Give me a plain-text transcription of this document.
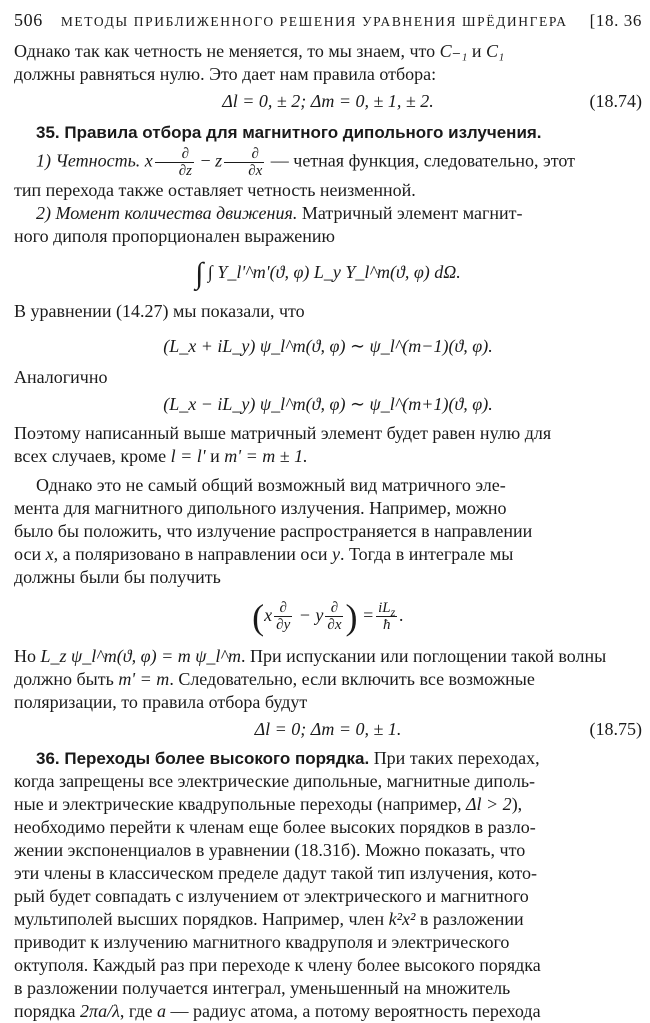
506 МЕТОДЫ ПРИБЛИЖЕННОГО РЕШЕНИЯ УРАВНЕНИЯ ШРЁДИНГЕРА	[18. 36

Однако так как четность не меняется, то мы знаем, что C₋₁ и C₁
должны равняться нулю. Это дает нам правила отбора:

Δl = 0, ± 2; Δm = 0, ± 1, ± 2.	(18.74)

35. Правила отбора для магнитного дипольного излучения.

1) Четность. x $\frac{\partial}{\partial z} - z \frac{\partial}{\partial x}$ — четная функция, следовательно, этот

тип перехода также оставляет четность неизменной.

2) Момент количества движения. Матричный элемент магнит-

ного диполя пропорционален выражению

∫ ∫ Y_l'^m'(ϑ, φ) L_y Y_l^m(ϑ, φ) dΩ.

В уравнении (14.27) мы показали, что

(L_x + iL_y) ψ_l^m(ϑ, φ) ∼ ψ_l^(m−1)(ϑ, φ).

Аналогично

(L_x − iL_y) ψ_l^m(ϑ, φ) ∼ ψ_l^(m+1)(ϑ, φ).

Поэтому написанный выше матричный элемент будет равен нулю для

всех случаев, кроме l = l' и m' = m ± 1.

Однако это не самый общий возможный вид матричного эле-

мента для магнитного дипольного излучения. Например, можно

было бы положить, что излучение распространяется в направлении

оси x, а поляризовано в направлении оси y. Тогда в интеграле мы

должны были бы получить

($x \frac{\partial}{\partial y} - y \frac{\partial}{\partial x}$ ) = $\frac{iL_z}{ħ}$ .

Но L_z ψ_l^m(ϑ, φ) = m ψ_l^m. При испускании или поглощении такой волны

должно быть m' = m. Следовательно, если включить все возможные

поляризации, то правила отбора будут

Δl = 0; Δm = 0, ± 1.	(18.75)

36. Переходы более высокого порядка. При таких переходах,

когда запрещены все электрические дипольные, магнитные диполь-

ные и электрические квадрупольные переходы (например, Δl > 2),

необходимо перейти к членам еще более высоких порядков в разло-

жении экспоненциалов в уравнении (18.31б). Можно показать, что

эти члены в классическом пределе дадут такой тип излучения, кото-

рый будет совпадать с излучением от электрического и магнитного

мультиполей высших порядков. Например, член k²x² в разложении

приводит к излучению магнитного квадруполя и электрического

октуполя. Каждый раз при переходе к члену более высокого порядка

в разложении получается интеграл, уменьшенный на множитель

порядка 2πa/λ, где a — радиус атома, а потому вероятность перехода
